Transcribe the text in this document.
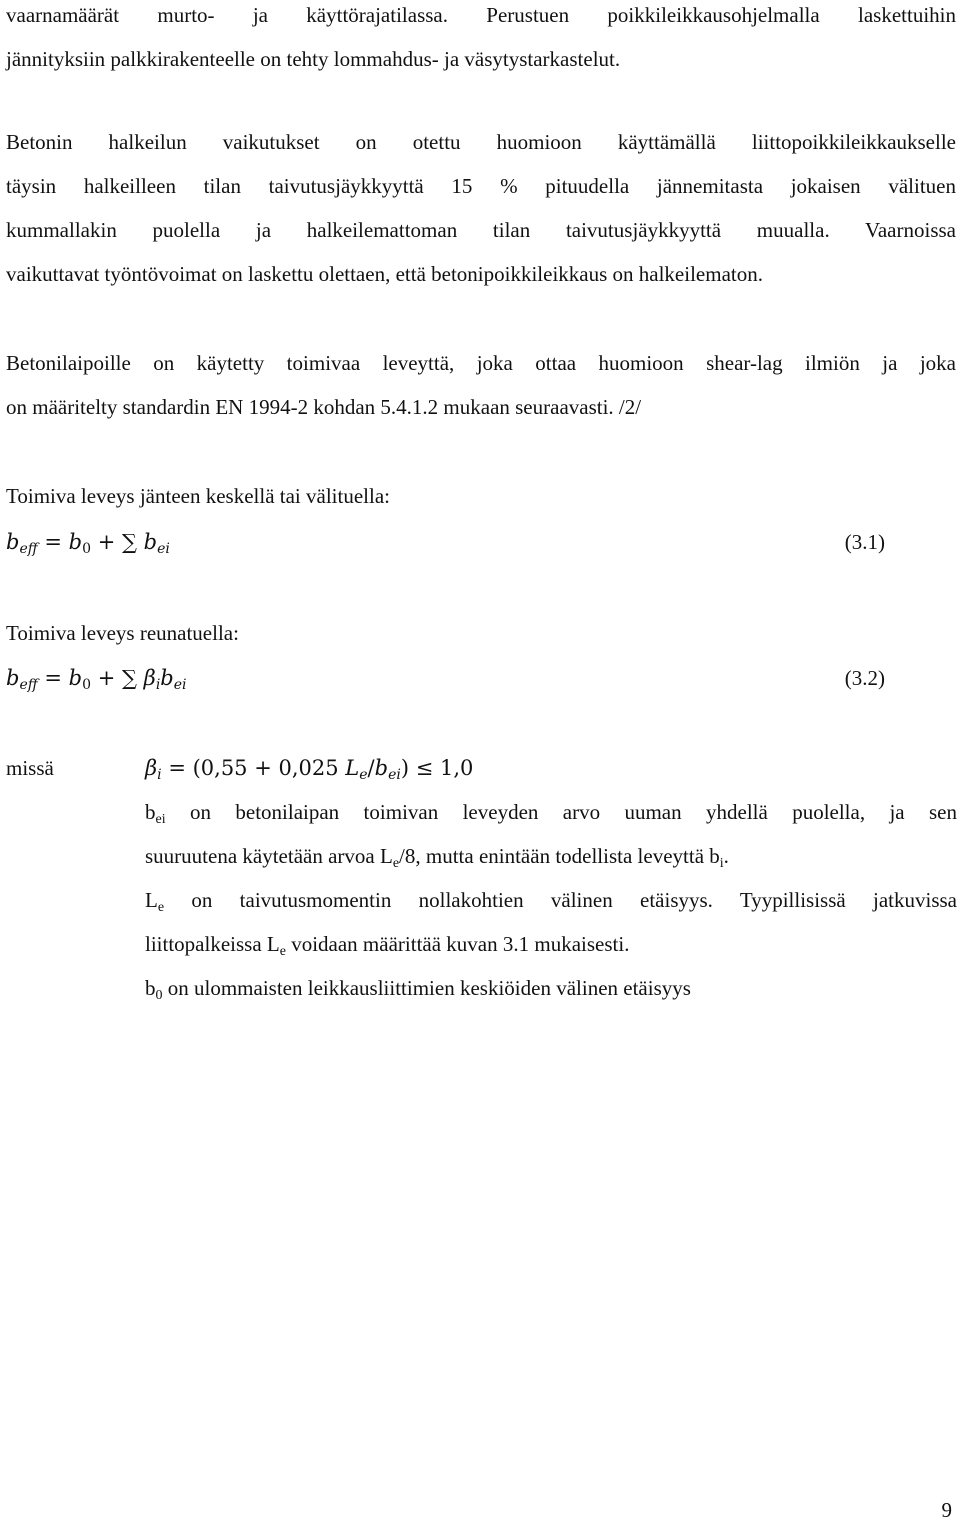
vaarnamäärät murto- ja käyttörajatilassa. Perustuen poikkileikkausohjelmalla laskettuihin
jännityksiin palkkirakenteelle on tehty lommahdus- ja väsytystarkastelut.
Betonin halkeilun vaikutukset on otettu huomioon käyttämällä liittopoikkileikkaukselle
täysin halkeilleen tilan taivutusjäykkyyttä 15 % pituudella jännemitasta jokaisen välituen
kummallakin puolella ja halkeilemattoman tilan taivutusjäykkyyttä muualla. Vaarnoissa
vaikuttavat työntövoimat on laskettu olettaen, että betonipoikkileikkaus on halkeilematon.
Betonilaipoille on käytetty toimivaa leveyttä, joka ottaa huomioon shear-lag ilmiön ja joka
on määritelty standardin EN 1994-2 kohdan 5.4.1.2 mukaan seuraavasti. /2/
Toimiva leveys jänteen keskellä tai välituella:
$b_{eff} = b_0$ + ∑ $b_{ei}$	(3.1)
Toimiva leveys reunatuella:
$b_{eff} = b_0$ + ∑ $\beta_ib_{ei}$	(3.2)
missä	$\beta_i = (0,55 + 0,025$ $L_e/b_{ei}) \le 1,0$
$b_{ei}$ on betonilaipan toimivan leveyden arvo uuman yhdellä puolella, ja sen
suuruutena käytetään arvoa $L_e/8$, mutta enintään todellista leveyttä $b_i$.
$L_e$ on taivutusmomentin nollakohtien välinen etäisyys. Tyypillisissä jatkuvissa
liittopalkeissa $L_e$ voidaan määrittää kuvan 3.1 mukaisesti.
$b_0$ on ulommaisten leikkausliittimien keskiöiden välinen etäisyys
9
